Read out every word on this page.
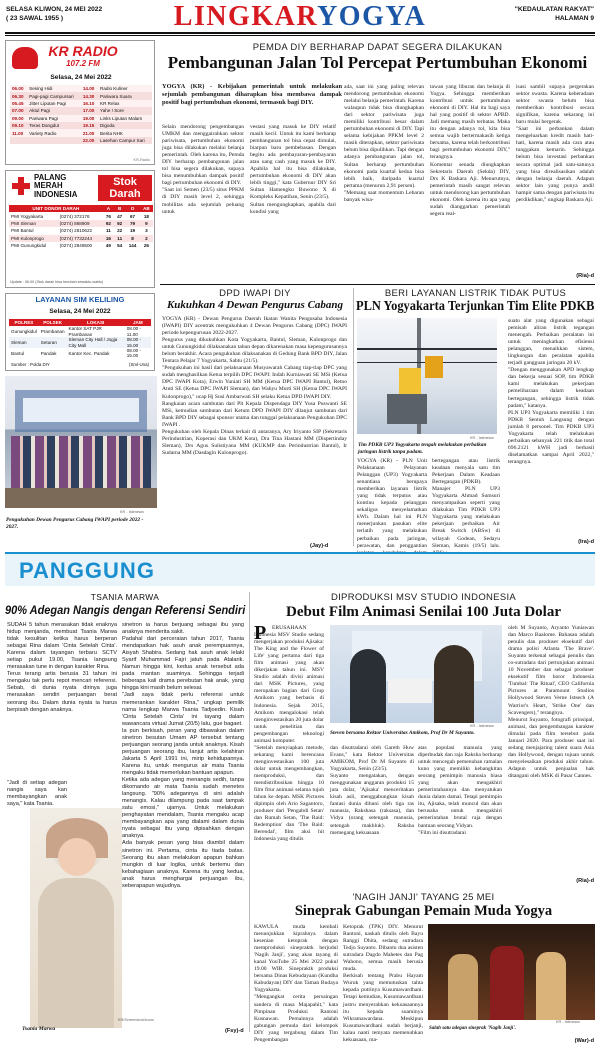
SELASA KLIWON, 24 MEI 2022
( 23 SAWAL 1955 )	LINGKARYOGYA	"KEDAULATAN RAKYAT"
HALAMAN 9
KR RADIO
107.2 FM
Selasa, 24 Mei 2022
06.00	Sesing Hidi	14.00	Radio Kuliner
06.30	Pagi-pagi Campursari	14.30	Pariwara Suara
05.45	Jitter Liputan Pagi	16.10	KR Relax
07.00	Aktul Pagi	17.00	Yahe ! Sore
09.00	Pariwara Pagi	19.00	Links Liputan Malam
09.10	Teras Dangdut	19.15	Digoda
11.00	Variety Radio	21.00	Berita NHK
		22.00	Lasehan Campur Sari
KR-Radio
PALANG
MERAH
INDONESIA
Stok
Darah
UNIT DONOR DARAH		A	B	O	AB
PMI Yogyakarta	(0274) 372176	76	47	67	18
PMI Sleman	(0274) 868909	92	92	79	9
PMI Bantul	(0274) 2810622	11	22	19	3
PMI Kulonprogo	(0274) 7732244	16	11	8	2
PMI Gunungkidul	(0274) 2849500	49	54	144	26
Update : 06.00 (Stok darah bisa berubah sewaktu-waktu)
LAYANAN SIM KELILING
Selasa, 24 Mei 2022
POLRES	POLSEK	LOKASI	JAM
Gunungkidul	Prambanan	Kantor SAT PJR Prambanan	08.00 - 11.00
Sleman	Seturan	Sleman City Hall / Jogja City Mall	08.00 - 15.00
Bantul	Pandak	Kantor Kec. Pandak	08.00 - 15.00
Sumber : Polda DIY	(Sml-Una)
PEMDA DIY BERHARAP DAPAT SEGERA DILAKUKAN
Pembangunan Jalan Tol Percepat Pertumbuhan Ekonomi
YOGYA (KR) - Kebijakan pemerintah untuk melakukan sejumlah pembangunan diharapkan bisa membawa dampak positif bagi pertumbuhan ekonomi, termasuk bagi DIY.
Selain mendorong pengembangan UMKM dan menggairahkan sektor pariwisata, pertumbuhan ekonomi juga bisa dilakukan melalui belanja pemerintah. Oleh karena itu, Pemda DIY berharap pembangunan jalan tol bisa segera dilakukan, supaya bisa menumbuhkan dampak positif bagi pertumbuhan ekonomi di DIY.
"Saat ini Semen (23/5) situs PPKM di DIY masih level 2, sehingga mobilitas ada sejumlah peluang untuk
vestasi yang masuk ke DIY relatif masih kecil. Untuk itu kami berharap pembangunan tol bisa cepat dimulai, biarpun baru pembebasan. Dengan begitu ada pembayaran-pembayaran atau uang cash yang masuk ke DIY. Apabila hal itu bisa dilakukan, pertumbuhan ekonomi di DIY akan lebih tinggi," kata Gubernur DIY Sri Sultan Hamengku Buwono X di Kompleks Kepatihan, Senin (23/5).
Sultan mengungkapkan, apabila dari kondisi yang
ada, saat ini yang paling relevan mendorong pertumbuhan ekonomi melalui belanja pemerintah. Karena walaupun tidak bisa diungkapkan dari sektor pariwisata juga memiliki kontribusi besar dalam pertumbuhan ekonomi di DIY. Tapi selama kebijakan PPKM level 2 masih diterapkan, sektor pariwisata belum bisa dipulihkan. Tapi dengan adanya pembangunan jalan tol, Sultan berharap pertumbuhan ekonomi pada kuartal kedua bisa lebih baik, daripada kuartal pertama (menurun 2,91 persen).
"Memang saat momentum Lebaran banyak wisa-
tawan yang liburan dan belanja di Yogya. Sehingga memberikan kontribusi untuk pertumbuhan ekonomi di DIY. Hal itu bagi saya hal yang positif di sektor APBD. Jadi memang masih terbatas. Maka itu dengan adanya tol, kita bisa semua wajib bertermakasih ketiga bersama, karena telah berkontribusi bagi pertumbuhan ekonomi DIY," terangnya.
Komentar senada diungkapkan Sekretaris Daerah (Sekda) DIY, Drs K Baskara Aji. Menurutnya, pemerintah masih sangat relevan untuk mendorong kan pertumbuhan ekonomi. Oleh karena itu apa yang sudah dianggarkan pemerintah segera real-
isasi sambil supaya pergerakan sektor swasta. Karena keberadaan sektor swasta belum bisa memberikan kontribusi secara signifikan, karena sekarang ini baru mulai bergerak.
"Saat ini perbankan dalam mengeluarkan kredit masih hati-hati, karena masih ada cara atau tunggakan kemarin. Sehingga belum bisa investasi perbankan secara optimal jadi satu-satunya yang bisa direalisasikan adalah dengan belanja daerah. Adapun sektor lain yang punya andil hampir sama dengan pariwisata itu perdikdikan," ungkap Baskara Aji.
(Ria)-d
DPD IWAPI DIY
Kukuhkan 4 Dewan Pengurus Cabang
YOGYA (KR) - Dewan Pengurus Daerah Ikatan Wanita Pengusaha Indonesia (IWAPI) DIY acentrak mengukuhkan 4 Dewan Pengurus Cabang (DPC) IWAPI periode kepengurusan 2022-2027.
Pengurus yang dikukuhkan Kota Yogyakarta, Bantul, Sleman, Kulonprogo dan untuk Gunungkidul dilaksanakan tahun depan dikarenakan masa kepengurusannya belum berakhir. Acara pengukuhan dilaksanakan di Gedung Bank BPD DIY, Jalan Tentara Pelajar 7 Yogyakarta, Sabtu (21/5).
"Pengukuhan ini hasil dari pelaksanaan Musyawarah Cabang tiap-tiap DPC yang sudah menghasilkan Ketua terpilih DPC IWAPI: Indah Kurniawati SE MSi (Ketua DPC IWAPI Kota), Erwin Yuniati SH MM (Ketua DPC IWAPI Bantul), Retno Atuti SE (Ketua DPC IWAPI Sleman), dan Wahyu Murti SH (Ketua DPC IWAPI Kulonprogo)," ucap Hj Susi Ambarwati SH selaku Ketua DPD IWAPI DIY.
Rangkaian acara sambutan dari Plt Kepala Dispendaga DIY Yusa Puswanti SE MSi, kemudian sambutan dari Ketum DPD IWAPI DIY dilanjut sambutan dari Bank BPD DIY sebagai sponsor utama dan tunggal pelaksanaan Pengukuhan DPC IWAPI .
Pengukuhan oleh Kepala Dinas terkait di antaranya, Ary Iriyanto SIP (Sekretaris Perindustrian, Koperasi dan UKM Kota), Dra Tina Hastani MM (Dispertinday Sleman), Drs Agus Sulistiyana MM (KUKMP dan Perindustrian Bantul), Ir Sudarna MM (Dasdagin Kulonprogo).
(Jay)-d
KR - Istimewa
Pengukuhan Dewan Pengurus Cabang IWAPI periode 2022 - 2027.
BERI LAYANAN LISTRIK TIDAK PUTUS
PLN Yogyakarta Terjunkan Tim Elite PDKB
KR - Istimewa
Tim PDKB UP3 Yogyakarta tengah melakukan perbaikan jaringan listrik tanpa padam.
YOGYA (KR) - PLN Unit Pelaksanaan Pelayanan Pelanggan (UP3) Yogyakarta senantiasa berupaya memberikan layanan listrik yang tidak terputus atau kontinu kepada pelanggan sekaligus menyelamatkan kWh. Dalam hal ini PLN menerjunkan pasukan elite terlatih yang melakukan perbaikan pada jaringan, perawatan, dan penggantian
bertegangan atau listrik keadaan menyala satu tim Pekerjaan Dalam Keadaan Bertegangan (PDKB).
Manajer PLN UP3 Yogyakarta Ahmad Sumsuri menyampaikan seperti yang dilakukan Tim PDKB UP3 Yogyakarta yang melakukan pekerjaan perbaikan Air Break Switch (ABSw) di wilayah Godean, Sedayu Sleman, Kamis (19/5) lalu.
suatu alat yang digunakan sebagai pemisah aliran listrik tegangan menengah. Perbaikan peralatan ini untuk meningkatkan efisiensi pelanggan, menaikkan sistem, lingkungan dan peralatan apabila terjadi gangguan jaringan 20 kV.
"Dengan menggunakan APD lengkap dan bekerja sesuai SOP, tim PDKB kami melakukan pekerjaan pemeliharaan dalam keadaan bertegangan, sehingga listrik tidak padam," katanya.
PLN UP3 Yogyakarta memiliki 1 tim PDKB Sentuh Langsung dengan jumlah 8 personel. Tim PDKB UP3 Yogyakarta telah melakukan perbaikan sebanyak 221 titik dan total 696.2121 kWH jadi berhasil diselamatkan sampai April 2022," terangnya.
(Ira)-d
PANGGUNG
TSANIA MARWA
90% Adegan Nangis dengan Referensi Sendiri
SUDAH 5 tahun merasakan tidak enaknya hidup menjanda, membuat Tsania Marwa tidak kesulitan ketika harus berperan sebagai Rina dalam 'Cinta Setelah Cinta'. Karena dalam tayangan terbaru SCTV setiap pukul 19.00, Tsania langsung merasakan tune in dengan karakter Rina.
Terus terang artis berusia 31 tahun ini mengaku tak perlu repot mencari referensi. Sebab, di dunia nyata dirinya juga merasakan sendiri perjuangan berat seorang ibu. Dalam dunia nyata ia harus berpisah dengan anaknya.
"Jadi di setiap adegan nangis saya kan membayangkan anak saya," kata Tsania.
sinetron ia harus berjuang sebagai ibu yang anaknya menderita sakit.
Padahal dari perceraian tahun 2017, Tsania mendapatkan hak asuh anak perempuannya, Aisyah Shabira. Sedang hak asuh anak lelaki Syarif Muhammad Fajri jatuh pada Atalarik. Namun hingga kini, kedua anak tersebut ada pada mantan suaminya. Sehingga terjadi beberapa kali drama perebutan hak anak, yang hingga kini masih belum selesai.
"Jadi saya tidak perlu referensi untuk memerankan karakter Rina," ungkap pemilik nama lengkap Marwa Tsania Tadjoedin. Kisah 'Cinta Setelah Cinta' ini tayang dalam wawancara virtual Jumat (20/5) lalu, gue bagaet.
Ia pun berkisah, peran yang dibawakan dalam sinetron besutan Umam AP tersebut tentang perjuangan seorang janda untuk anaknya. Kisah perjuangan seorang ibu, lanjut artis kelahiran Jakarta 5 April 1991 ini, mirip kehidupannya. Karena itu, untuk mengurus air mata Tsania mengaku tidak memerlukan bantuan apapun.
Ketika ada adegan yang menangis sedih, tanpa dikomando air mata Tsania sudah menetes langsung. "90% adegannya di sini adalah menangis. Kalau dilampung pada saat tampak satu emosi," ujarnya. Untuk melakukan penghayatan mendalam, Tsania mengaku acap membayangkan apa yang dialami dalam dunia nyata sebagai ibu yang dipisahkan dengan anaknya.
Ada banyak pesan yang bisa diambil dalam sinetron ini. Pertama, cinta itu tiada batas. Seorang ibu akan melakukan apapun bahkan mungkin di luar logika, untuk bertemu dan kebahagiaan anaknya. Karena itu yang kedua, anak harus menghargai perjuangan ibu, seberapapun wujudnya.
Tsania Marwa
KR/Screenshot/zoom
(Fsy)-d
DIPRODUKSI MSV STUDIO INDONESIA
Debut Film Animasi Senilai 100 Juta Dolar
P	ERUSAHAAN Indonesia MSV Studio sedang mengerjakan produksi Ajisaka: The King and the Flower of Life' yang pertama dari tiga film animasi yang akan dikerjakan tahun ini. MSV Studio adalah divisi animasi dari MSK Pictures, yang merupakan bagian dari Grup Amikom yang berbasis di Indonesia. Sejak 2015, Amikom mengalokasi telah menginvestasikan 20 juta dolar untuk penelitian dan pengembangan teknologi animasi komputer.
"Setelah menyiapkan metode, sekarang kami berencana menginvestasikan 100 juta dolar untuk mengembangkan, memproduksi, dan mendistribusikan hingga 10 film fitur animasi selama tujuh tahun ke depan. MSK Pictures dipimpin oleh Ario Sagantoro, produser dari 'Pengabdi Setan' dan Rumah Setan, 'The Raid: Redemption' dan 'The Raid: Berendal', film aksi hit Indonesia yang ditulis
KR - Istimewa
Steven bersama Rektor Universitas Amikom, Prof Dr M Suyanto.
dan disutradarai oleh Gareth Huw Evans," kata Rektor Universitas AMIKOM, Prof Dr M Suyanto di Yogyakarta, Senin (23/5).
Suyanto mengatakan, dengan menggunakan anggaran produksi 15 juta dolar, 'Ajisaka' menceritakan kisah asli, menggabungkan kisah fantasi dunia dihuni oleh tiga ras manusia, Rakshasa (raksasa), dan Vidya (orang setengah manusia, setengah makhluk). Raksha memegang kekuasaan
atas populasi manusia yang diperbudak dan raja Raksha berharap untuk mencegah pemenuhan ramalan kuno yang memiliki kebangkitan seorang pemimpin manusia biasa yang akan mengakhiri pemerintahannya dan menyatukan dunia dalam damai. Tetapi pemimpin itu, Ajisaka, telah muncul dan akan berusaha untuk mengakhiri pemerintahan brutal raja dengan bantuan seorang Vidyan.
"Film ini disutradarai
oleh M Suyanto, Aryanto Yuniawan dan Marco Baalome. Bahasan adalah penulis dan produser eksekutif dari drama polisi Atlanta 'The Brave'. Suyanto terkenal sebagai penulis dan co-sutradara dari pertunjukan animasi 10 November dan sebagai produser eksekutif film horor Indonesia 'Tumbal: The Ritual', CEO California Pictures at Paramount Studios Hollywood Steven Verne Istsech (A Warrior's Heart, 'Strike One' dan Scavengers)," terangnya.
Menurut Suyanto, fotografi prinsipal, animasi, dan pengembangan karakter dimulai pada film tersebut pada Januari 2020. Para produser saat ini sedang menjajaring talent suara Asia dan Hollywood, dengan tujuan untuk menyelesaikan produksi akhir tahun. Adapun untuk penjualan hak ditangani oleh MSK di Pasar Cannes.
(Ria)-d
'NAGIH JANJI' TAYANG 25 MEI
Sineprak Gabungan Pemain Muda Yogya
KAWULA muda kembali menunjukkan kiprahnya dalam kesenian ketoprak dengan memproduksi sinepraktk berjudul 'Nagih Janji', yang akan tayang di kanal YouTube 25 Mei 2022 pukul 19.00 WIB. Sinepraktk produksi bersama Dinas Kebudayaan (Kundha Kabudayan) DIY dan Taman Budaya Yogyakarta.
"Mengangkat cerita persaingan sandera di masa Majapahit," kata Pimpinan Produksi Rantoni Kusnawan. Pemainnya adalah gabungan pemuda dari kelompok DIY yang tergabung dalam Tim Pengembangan
Ketoprak (TPK) DIY. Menurut Rantoni, naskah ditulis oleh Bayu Ranggi Dhita, sedang sutradara Tedjo Suyanto. Dibantu dua asisten sutradara Dagdo Mahetes dan Pag Wahono, semua masih berusia muda.
Berkisah tentang Prabu Hayam Wuruk yang memutuskan tahta kepada putrinya Kusumawardhani. Tetapi kemudian, Kusumawardhani justru menyerahkan kekuasaannya itu kepada suaminya Wikramawardana. Meskipun Kusumawardhani sudah berjanji, kalau nanti temyata memenuhkan kekuasaan, ma-
KR - Istimewa
Salah satu adegan sineprak 'Nagih Janji'.
(War)-d
